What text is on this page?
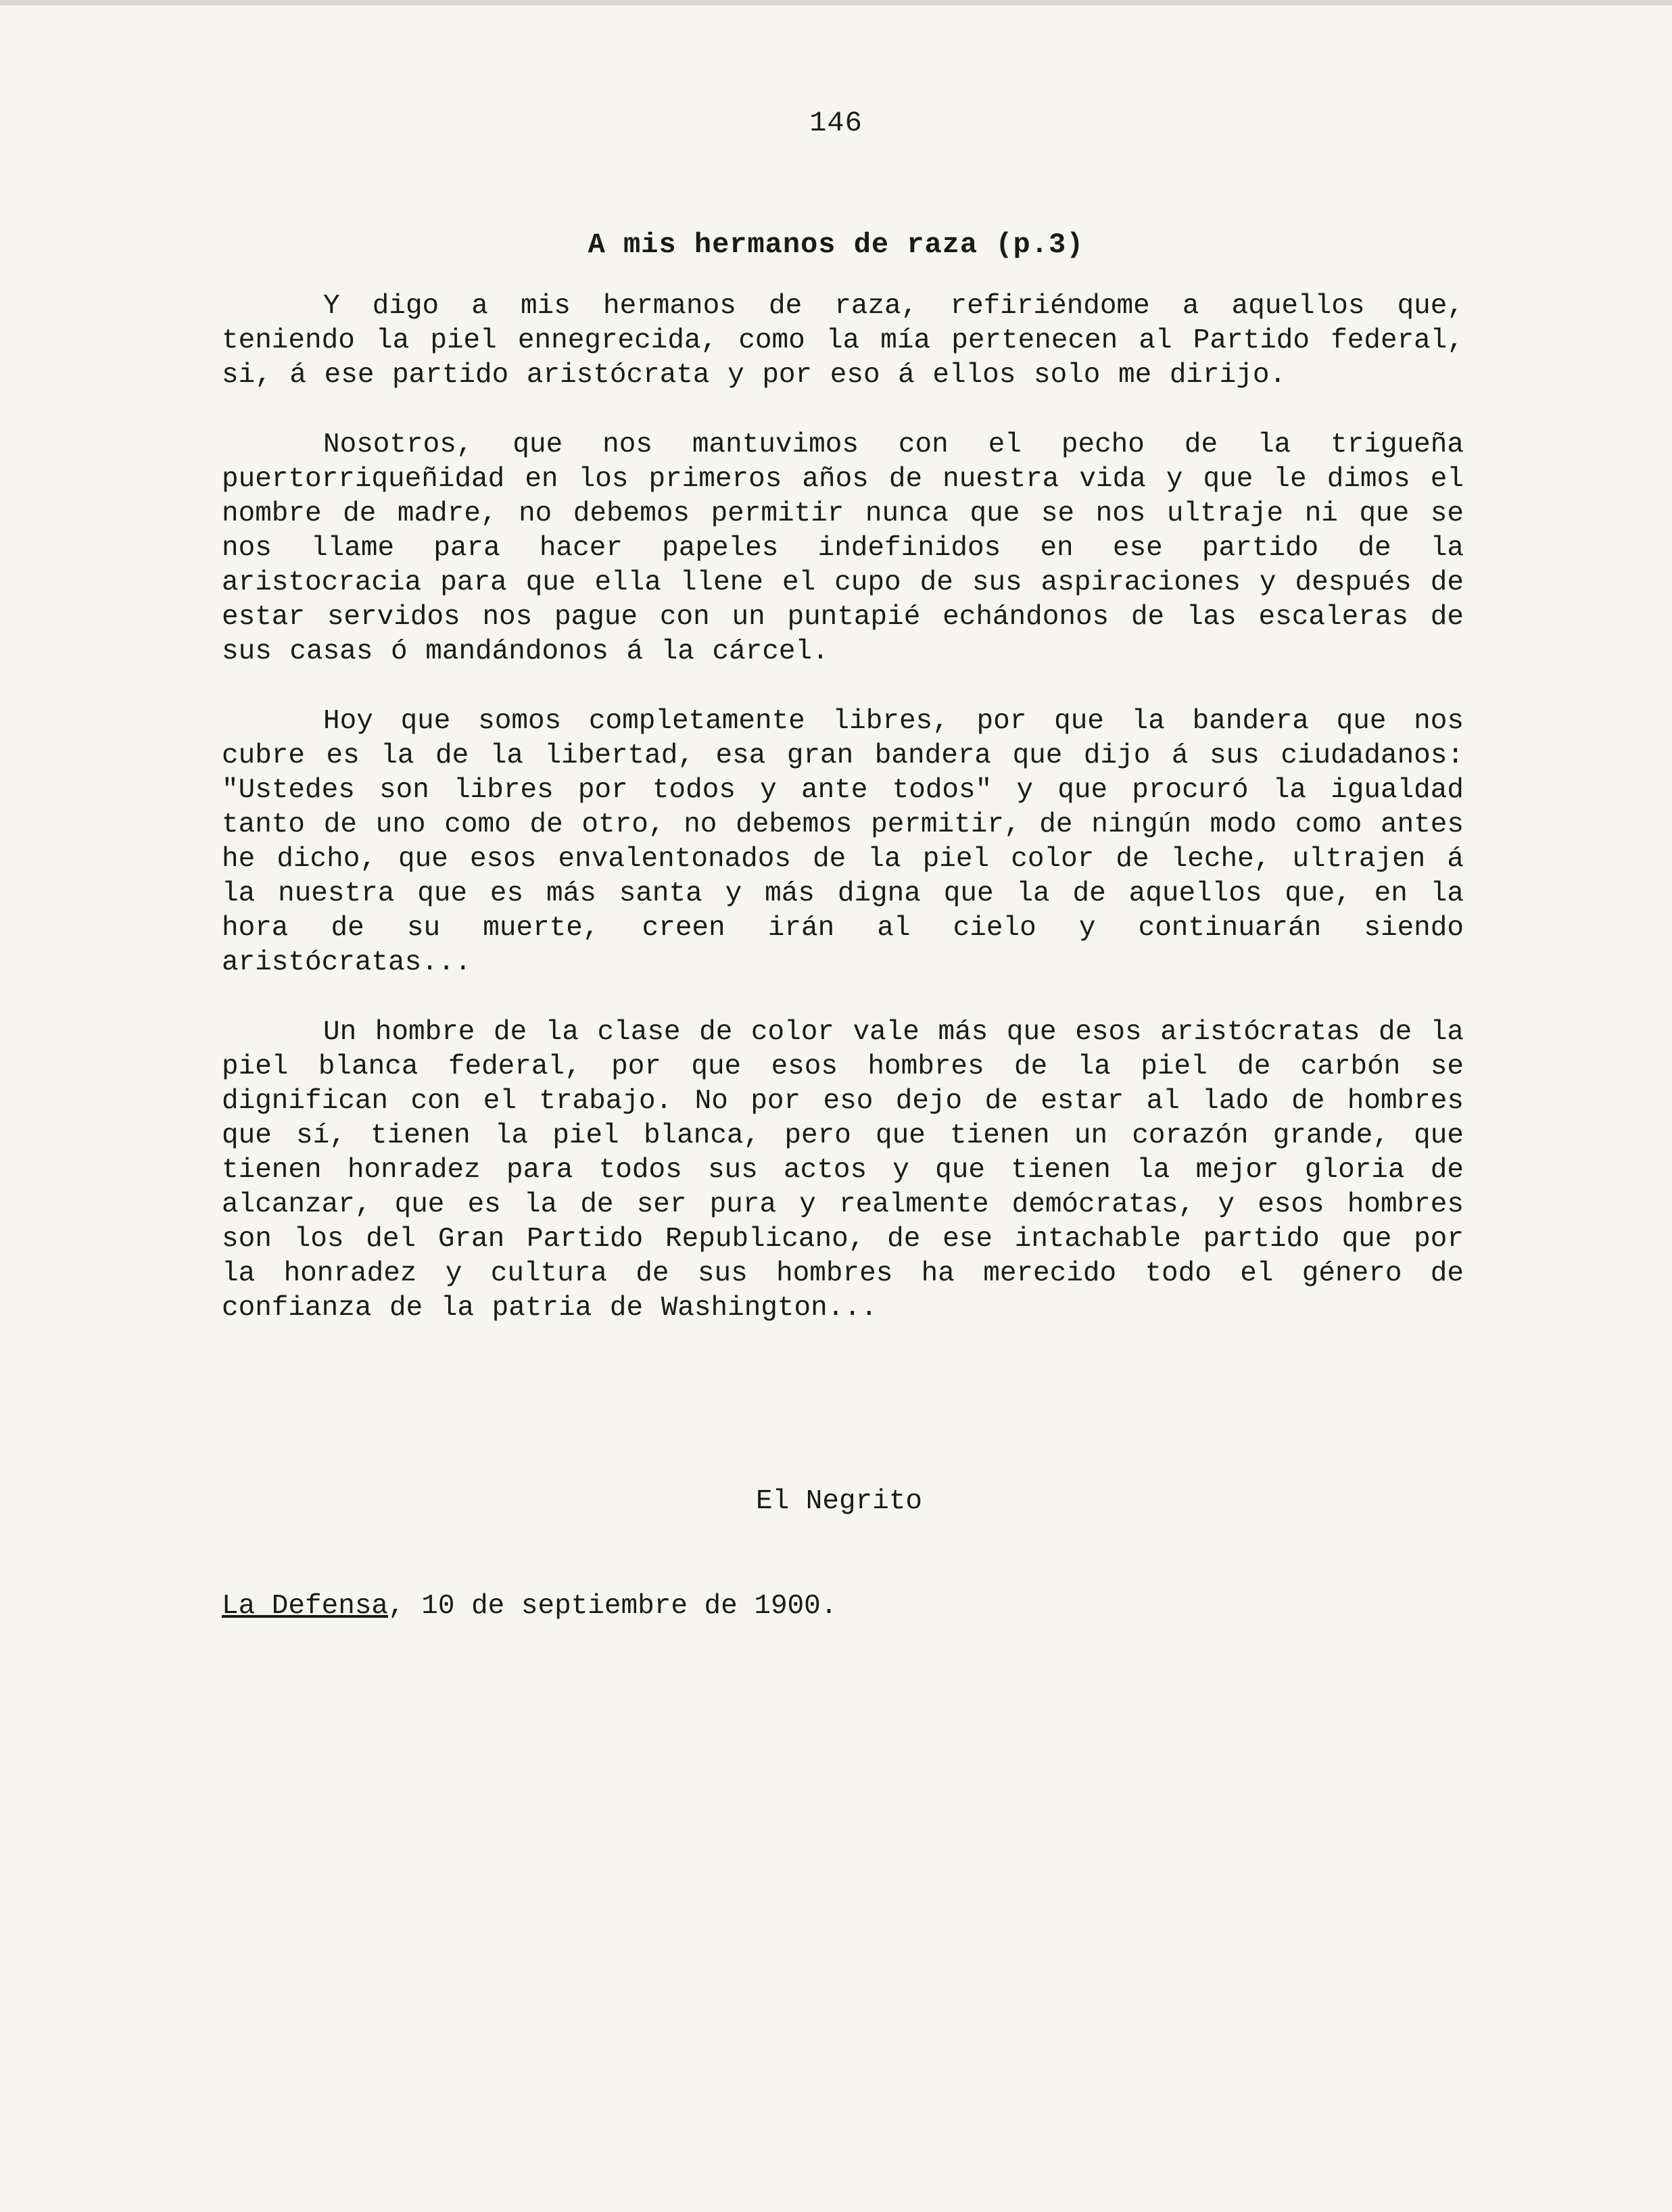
146
A mis hermanos de raza (p.3)

Y digo a mis hermanos de raza, refiriéndome a aquellos que, teniendo la piel ennegrecida, como la mía pertenecen al Partido federal, si, á ese partido aristócrata y por eso á ellos solo me dirijo.

Nosotros, que nos mantuvimos con el pecho de la trigueña puertorriqueñidad en los primeros años de nuestra vida y que le dimos el nombre de madre, no debemos permitir nunca que se nos ultraje ni que se nos llame para hacer papeles indefinidos en ese partido de la aristocracia para que ella llene el cupo de sus aspiraciones y después de estar servidos nos pague con un puntapié echándonos de las escaleras de sus casas ó mandándonos á la cárcel.

Hoy que somos completamente libres, por que la bandera que nos cubre es la de la libertad, esa gran bandera que dijo á sus ciudadanos: "Ustedes son libres por todos y ante todos" y que procuró la igualdad tanto de uno como de otro, no debemos permitir, de ningún modo como antes he dicho, que esos envalentonados de la piel color de leche, ultrajen á la nuestra que es más santa y más digna que la de aquellos que, en la hora de su muerte, creen irán al cielo y continuarán siendo aristócratas...

Un hombre de la clase de color vale más que esos aristócratas de la piel blanca federal, por que esos hombres de la piel de carbón se dignifican con el trabajo. No por eso dejo de estar al lado de hombres que sí, tienen la piel blanca, pero que tienen un corazón grande, que tienen honradez para todos sus actos y que tienen la mejor gloria de alcanzar, que es la de ser pura y realmente demócratas, y esos hombres son los del Gran Partido Republicano, de ese intachable partido que por la honradez y cultura de sus hombres ha merecido todo el género de confianza de la patria de Washington...

El Negrito
La Defensa, 10 de septiembre de 1900.
